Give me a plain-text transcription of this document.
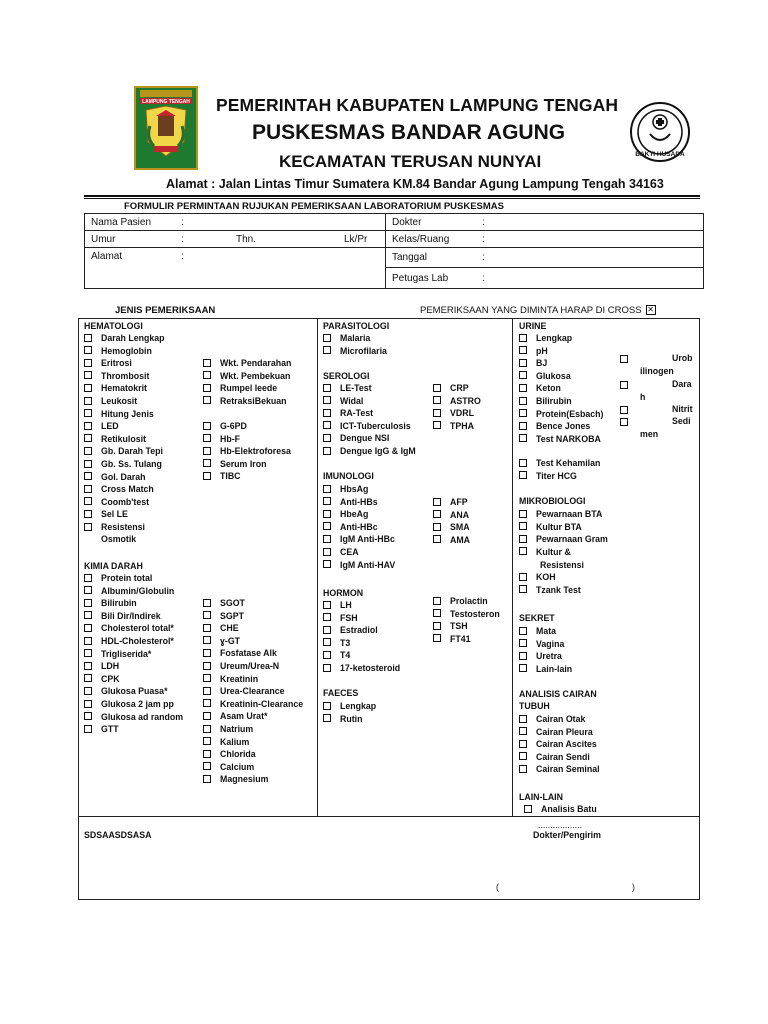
LAMPUNG TENGAH
BAKTI HUSADA
PEMERINTAH KABUPATEN LAMPUNG TENGAH
PUSKESMAS BANDAR AGUNG
KECAMATAN TERUSAN NUNYAI
Alamat : Jalan Lintas Timur Sumatera KM.84 Bandar Agung Lampung Tengah 34163
FORMULIR PERMINTAAN RUJUKAN PEMERIKSAAN LABORATORIUM PUSKESMAS
Nama Pasien :	Dokter :
Umur : Thn. Lk/Pr	Kelas/Ruang :
Alamat :	Tanggal :
	Petugas Lab :
JENIS PEMERIKSAAN	PEMERIKSAAN YANG DIMINTA HARAP DI CROSS ✕
HEMATOLOGI
Darah Lengkap
Hemoglobin
Eritrosi
Thrombosit
Hematokrit
Leukosit
Hitung Jenis
LED
Retikulosit
Gb. Darah Tepi
Gb. Ss. Tulang
Gol. Darah
Cross Match
Coomb'test
Sel LE
Resistensi
Osmotik
Wkt. Pendarahan
Wkt. Pembekuan
Rumpel leede
RetraksiBekuan
G-6PD
Hb-F
Hb-Elektroforesa
Serum Iron
TIBC
KIMIA DARAH
Protein total
Albumin/Globulin
Bilirubin
Bili Dir/Indirek
Cholesterol total*
HDL-Cholesterol*
Trigliserida*
LDH
CPK
Glukosa Puasa*
Glukosa 2 jam pp
Glukosa ad random
GTT
SGOT
SGPT
CHE
ɣ-GT
Fosfatase Alk
Ureum/Urea-N
Kreatinin
Urea-Clearance
Kreatinin-Clearance
Asam Urat*
Natrium
Kalium
Chlorida
Calcium
Magnesium
PARASITOLOGI
Malaria
Microfilaria
SEROLOGI
LE-Test
Widal
RA-Test
ICT-Tuberculosis
Dengue NSI
Dengue IgG & IgM
CRP
ASTRO
VDRL
TPHA
IMUNOLOGI
HbsAg
Anti-HBs
HbeAg
Anti-HBc
IgM Anti-HBc
CEA
IgM Anti-HAV
AFP
ANA
SMA
AMA
HORMON
LH
FSH
Estradiol
T3
T4
17-ketosteroid
Prolactin
Testosteron
TSH
FT41
FAECES
Lengkap
Rutin
URINE
Lengkap
pH
BJ
Glukosa
Keton
Bilirubin
Protein(Esbach)
Bence Jones
Test NARKOBA
Test Kehamilan
Titer HCG
Urob
ilinogen
Dara
h
Nitrit
Sedi
men
MIKROBIOLOGI
Pewarnaan BTA
Kultur BTA
Pewarnaan Gram
Kultur &
Resistensi
KOH
Tzank Test
SEKRET
Mata
Vagina
Uretra
Lain-lain
ANALISIS CAIRAN
TUBUH
Cairan Otak
Cairan Pleura
Cairan Ascites
Cairan Sendi
Cairan Seminal
LAIN-LAIN
Analisis Batu
SDSAASDSASA
..................
Dokter/Pengirim
(	)
